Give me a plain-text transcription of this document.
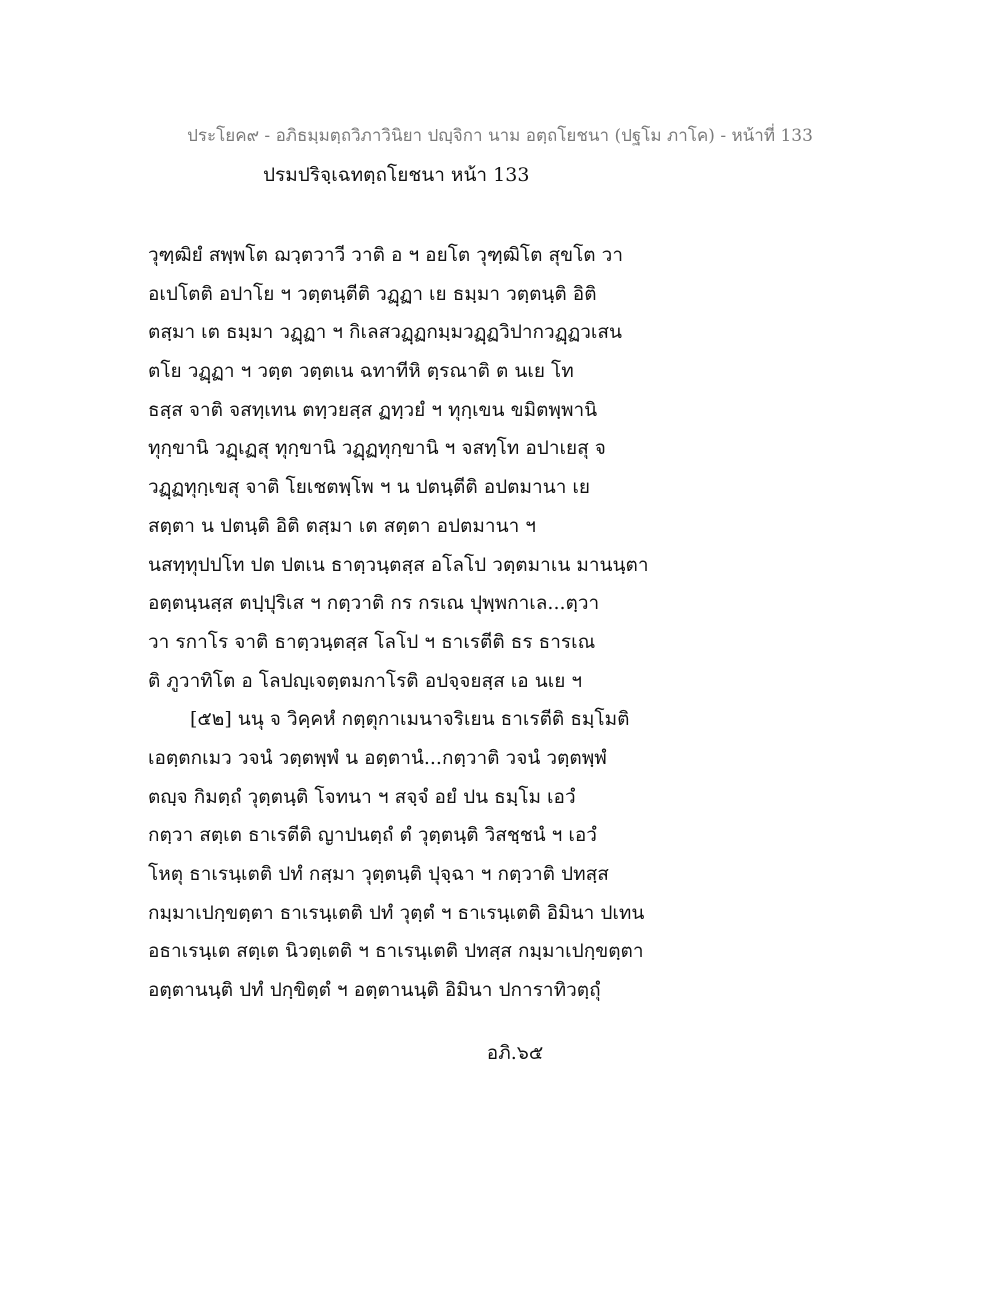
ประโยค๙ - อภิธมฺมตฺถวิภาวินิยา ปญฺจิกา นาม อตฺถโยชนา (ปฐโม ภาโค) - หน้าที่ 133
ปรมปริจฺเฉทตฺถโยชนา หน้า 133
วุฑฺฒิยํ สพฺพโต ฌวฺตวาวี วาติ อ ฯ อยโต วุฑฺฒิโต สุขโต วา
อเปโตติ อปาโย ฯ วตฺตนฺตีติ วฏฺฏา เย ธมฺมา วตฺตนฺติ อิติ
ตสฺมา เต ธมฺมา วฏฺฏา ฯ กิเลสวฏฺฏกมฺมวฏฺฏวิปากวฏฺฏวเสน
ตโย วฏฺฏา ฯ วตฺต วตฺตเน ฉทาทีหิ ตฺรณาติ ต นเย โท
ธสฺส จาติ จสทฺเทน ตทฺวยสฺส ฏทฺวยํ ฯ ทุกฺเขน ขมิตพฺพานิ
ทุกฺขานิ วฏฺเฏสุ ทุกฺขานิ วฏฺฏทุกฺขานิ ฯ จสทฺโท อปาเยสุ จ
วฏฺฏทุกฺเขสุ จาติ โยเชตพฺโพ ฯ น ปตนฺตีติ อปตมานา เย
สตฺตา น ปตนฺติ อิติ ตสฺมา เต สตฺตา อปตมานา ฯ
นสทฺทุปปโท ปต ปตเน ธาตฺวนฺตสฺส อโลโป วตฺตมาเน มานนฺตา
อตฺตนฺนสฺส ตปฺปุริเส ฯ กตฺวาติ กร กรเณ ปุพฺพกาเล...ตฺวา
วา รกาโร จาติ ธาตฺวนฺตสฺส โลโป ฯ ธาเรตีติ ธร ธารเณ
ติ ภูวาทิโต อ โลปญฺเจตฺตมกาโรติ อปจฺจยสฺส เอ นเย ฯ
[๕๒] นนุ จ วิคฺคหํ กตฺตุกาเมนาจริเยน ธาเรตีติ ธมฺโมติ
เอตฺตกเมว วจนํ วตฺตพฺพํ น อตฺตานํ...กตฺวาติ วจนํ วตฺตพฺพํ
ตญฺจ กิมตฺถํ วุตฺตนฺติ โจทนา ฯ สจฺจํ อยํ ปน ธมฺโม เอวํ
กตฺวา สตฺเต ธาเรตีติ ญาปนตฺถํ ตํ วุตฺตนฺติ วิสชฺชนํ ฯ เอวํ
โหตุ ธาเรนฺเตติ ปทํ กสฺมา วุตฺตนฺติ ปุจฺฉา ฯ กตฺวาติ ปทสฺส
กมฺมาเปกฺขตฺตา ธาเรนฺเตติ ปทํ วุตฺตํ ฯ ธาเรนฺเตติ อิมินา ปเทน
อธาเรนฺเต สตฺเต นิวตฺเตติ ฯ ธาเรนฺเตติ ปทสฺส กมฺมาเปกฺขตฺตา
อตฺตานนฺติ ปทํ ปกฺขิตฺตํ ฯ อตฺตานนฺติ อิมินา ปการาทิวตฺถุํ
อภิ.๖๕
